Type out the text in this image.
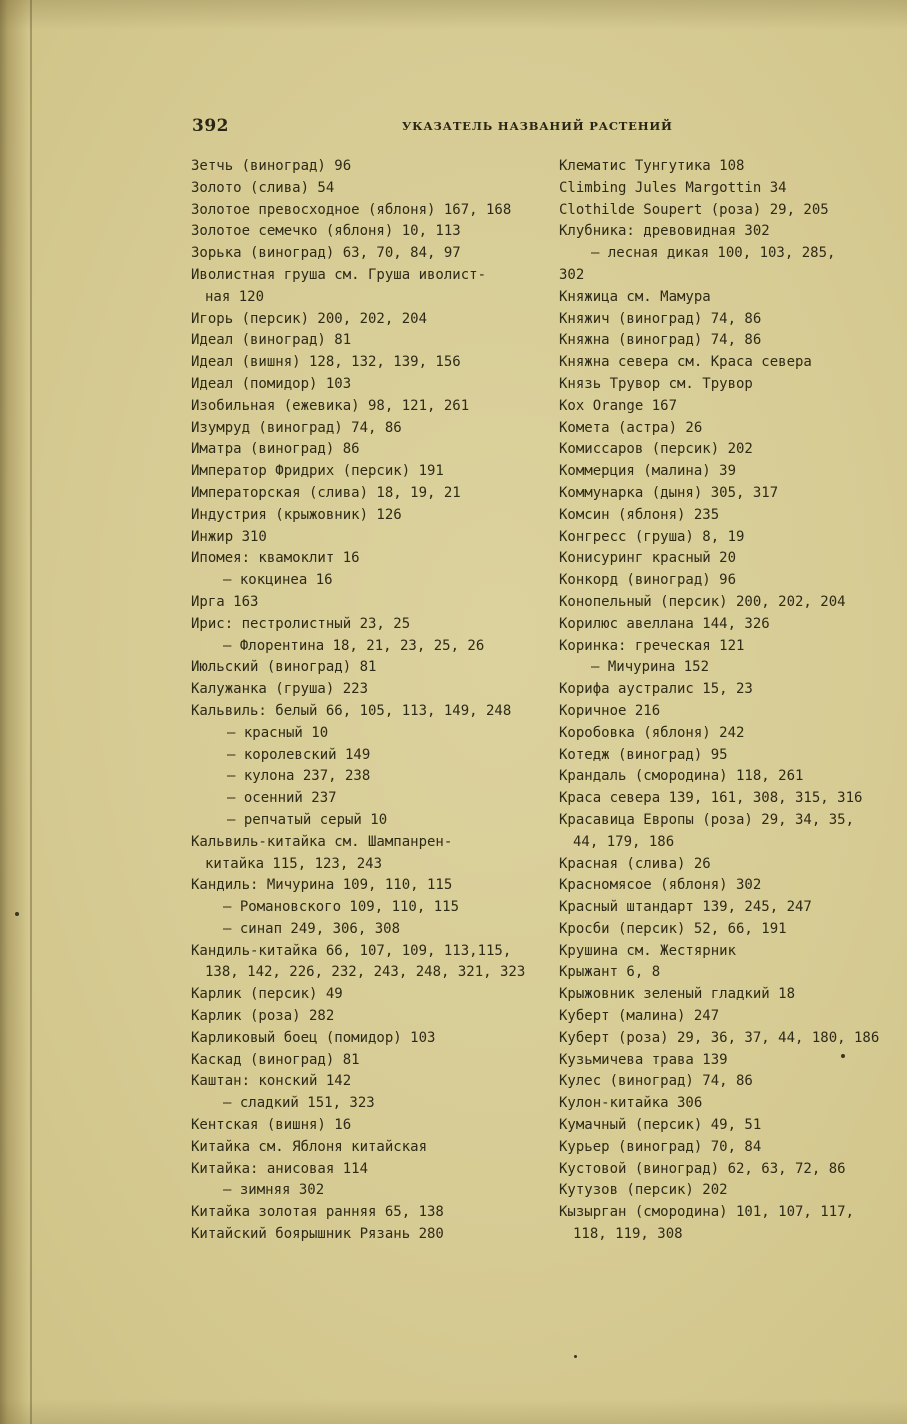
392	УКАЗАТЕЛЬ НАЗВАНИЙ РАСТЕНИЙ
Зетчь (виноград) 96
Золото (слива) 54
Золотое превосходное (яблоня) 167, 168
Золотое семечко (яблоня) 10, 113
Зорька (виноград) 63, 70, 84, 97
Иволистная груша см. Груша иволист-
ная 120
Игорь (персик) 200, 202, 204
Идеал (виноград) 81
Идеал (вишня) 128, 132, 139, 156
Идеал (помидор) 103
Изобильная (ежевика) 98, 121, 261
Изумруд (виноград) 74, 86
Иматра (виноград) 86
Император Фридрих (персик) 191
Императорская (слива) 18, 19, 21
Индустрия (крыжовник) 126
Инжир 310
Ипомея: квамоклит 16
— кокцинеа 16
Ирга 163
Ирис: пестролистный 23, 25
— Флорентина 18, 21, 23, 25, 26
Июльский (виноград) 81
Калужанка (груша) 223
Кальвиль: белый 66, 105, 113, 149, 248
— красный 10
— королевский 149
— кулона 237, 238
— осенний 237
— репчатый серый 10
Кальвиль-китайка см. Шампанрен-
китайка 115, 123, 243
Кандиль: Мичурина 109, 110, 115
— Романовского 109, 110, 115
— синап 249, 306, 308
Кандиль-китайка 66, 107, 109, 113,115,
138, 142, 226, 232, 243, 248, 321, 323
Карлик (персик) 49
Карлик (роза) 282
Карликовый боец (помидор) 103
Каскад (виноград) 81
Каштан: конский 142
— сладкий 151, 323
Кентская (вишня) 16
Китайка см. Яблоня китайская
Китайка: анисовая 114
— зимняя 302
Китайка золотая ранняя 65, 138
Китайский боярышник Рязань 280
Клематис Тунгутика 108
Climbing Jules Margottin 34
Clothilde Soupert (роза) 29, 205
Клубника: древовидная 302
— лесная дикая 100, 103, 285,
302
Княжица см. Мамура
Княжич (виноград) 74, 86
Княжна (виноград) 74, 86
Княжна севера см. Краса севера
Князь Трувор см. Трувор
Кох Orange 167
Комета (астра) 26
Комиссаров (персик) 202
Коммерция (малина) 39
Коммунарка (дыня) 305, 317
Комсин (яблоня) 235
Конгресс (груша) 8, 19
Конисуринг красный 20
Конкорд (виноград) 96
Конопельный (персик) 200, 202, 204
Корилюс авеллана 144, 326
Коринка: греческая 121
— Мичурина 152
Корифа аустралис 15, 23
Коричное 216
Коробовка (яблоня) 242
Котедж (виноград) 95
Крандаль (смородина) 118, 261
Краса севера 139, 161, 308, 315, 316
Красавица Европы (роза) 29, 34, 35,
44, 179, 186
Красная (слива) 26
Красномясое (яблоня) 302
Красный штандарт 139, 245, 247
Кросби (персик) 52, 66, 191
Крушина см. Жестярник
Крыжант 6, 8
Крыжовник зеленый гладкий 18
Куберт (малина) 247
Куберт (роза) 29, 36, 37, 44, 180, 186
Кузьмичева трава 139
Кулес (виноград) 74, 86
Кулон-китайка 306
Кумачный (персик) 49, 51
Курьер (виноград) 70, 84
Кустовой (виноград) 62, 63, 72, 86
Кутузов (персик) 202
Кызырган (смородина) 101, 107, 117,
118, 119, 308
